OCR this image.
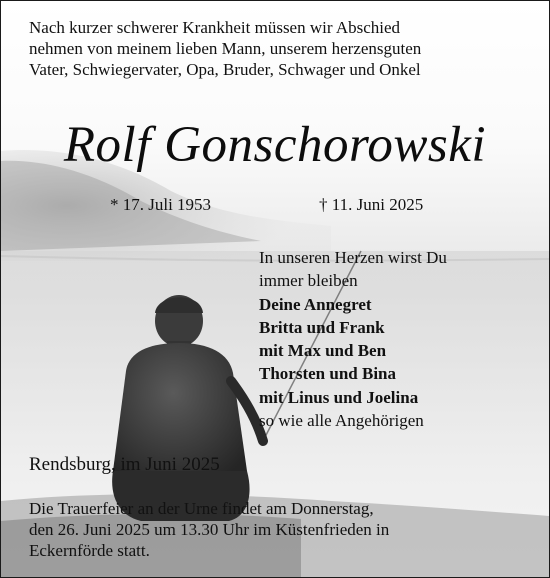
Nach kurzer schwerer Krankheit müssen wir Abschied
nehmen von meinem lieben Mann, unserem herzensguten
Vater, Schwiegervater, Opa, Bruder, Schwager und Onkel
Rolf Gonschorowski
* 17. Juli 1953	† 11. Juni 2025
In unseren Herzen wirst Du
immer bleiben
Deine Annegret
Britta und Frank
mit Max und Ben
Thorsten und Bina
mit Linus und Joelina
so wie alle Angehörigen
Rendsburg, im Juni 2025
Die Trauerfeier an der Urne findet am Donnerstag,
den 26. Juni 2025 um 13.30 Uhr im Küstenfrieden in
Eckernförde statt.
